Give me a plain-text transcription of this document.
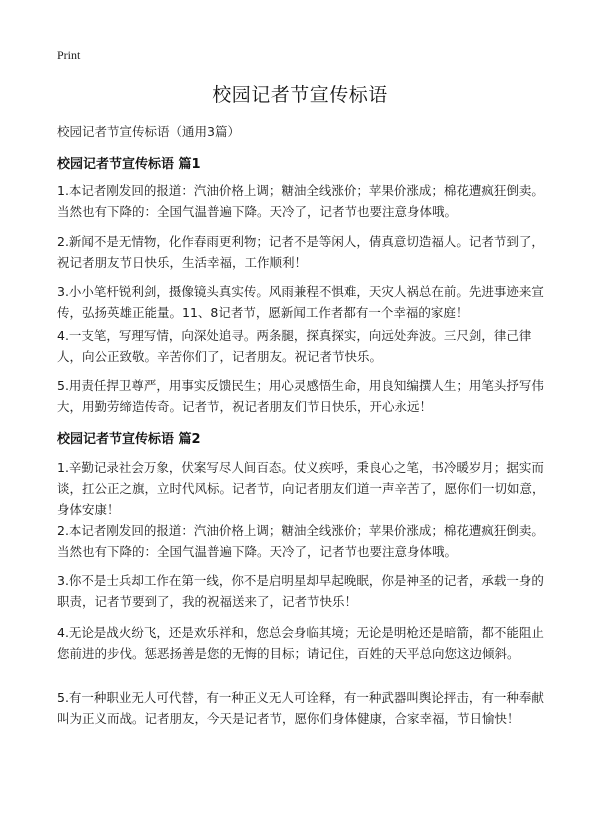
Print
校园记者节宣传标语
校园记者节宣传标语（通用3篇）
校园记者节宣传标语 篇1
1.本记者刚发回的报道：汽油价格上调；糖油全线涨价；苹果价涨成；棉花遭疯狂倒卖。当然也有下降的：全国气温普遍下降。天冷了，记者节也要注意身体哦。
2.新闻不是无情物，化作春雨更利物；记者不是等闲人，倩真意切造福人。记者节到了，祝记者朋友节日快乐，生活幸福，工作顺利！
3.小小笔杆锐利剑，摄像镜头真实传。风雨兼程不惧难，天灾人祸总在前。先进事迹来宣传，弘扬英雄正能量。11、8记者节，愿新闻工作者都有一个幸福的家庭！
4.一支笔，写理写情，向深处追寻。两条腿，探真探实，向远处奔波。三尺剑，律己律人，向公正致敬。辛苦你们了，记者朋友。祝记者节快乐。
5.用责任捍卫尊严，用事实反馈民生；用心灵感悟生命，用良知编撰人生；用笔头抒写伟大，用勤劳缔造传奇。记者节，祝记者朋友们节日快乐，开心永远！
校园记者节宣传标语 篇2
1.辛勤记录社会万象，伏案写尽人间百态。仗义疾呼，秉良心之笔，书冷暖岁月；据实而谈，扛公正之旗，立时代风标。记者节，向记者朋友们道一声辛苦了，愿你们一切如意，身体安康！
2.本记者刚发回的报道：汽油价格上调；糖油全线涨价；苹果价涨成；棉花遭疯狂倒卖。当然也有下降的：全国气温普遍下降。天冷了，记者节也要注意身体哦。
3.你不是士兵却工作在第一线，你不是启明星却早起晚眠，你是神圣的记者，承载一身的职责，记者节要到了，我的祝福送来了，记者节快乐！
4.无论是战火纷飞，还是欢乐祥和，您总会身临其境；无论是明枪还是暗箭，都不能阻止您前进的步伐。惩恶扬善是您的无悔的目标；请记住，百姓的天平总向您这边倾斜。
5.有一种职业无人可代替，有一种正义无人可诠释，有一种武器叫舆论抨击，有一种奉献叫为正义而战。记者朋友，今天是记者节，愿你们身体健康，合家幸福，节日愉快！
